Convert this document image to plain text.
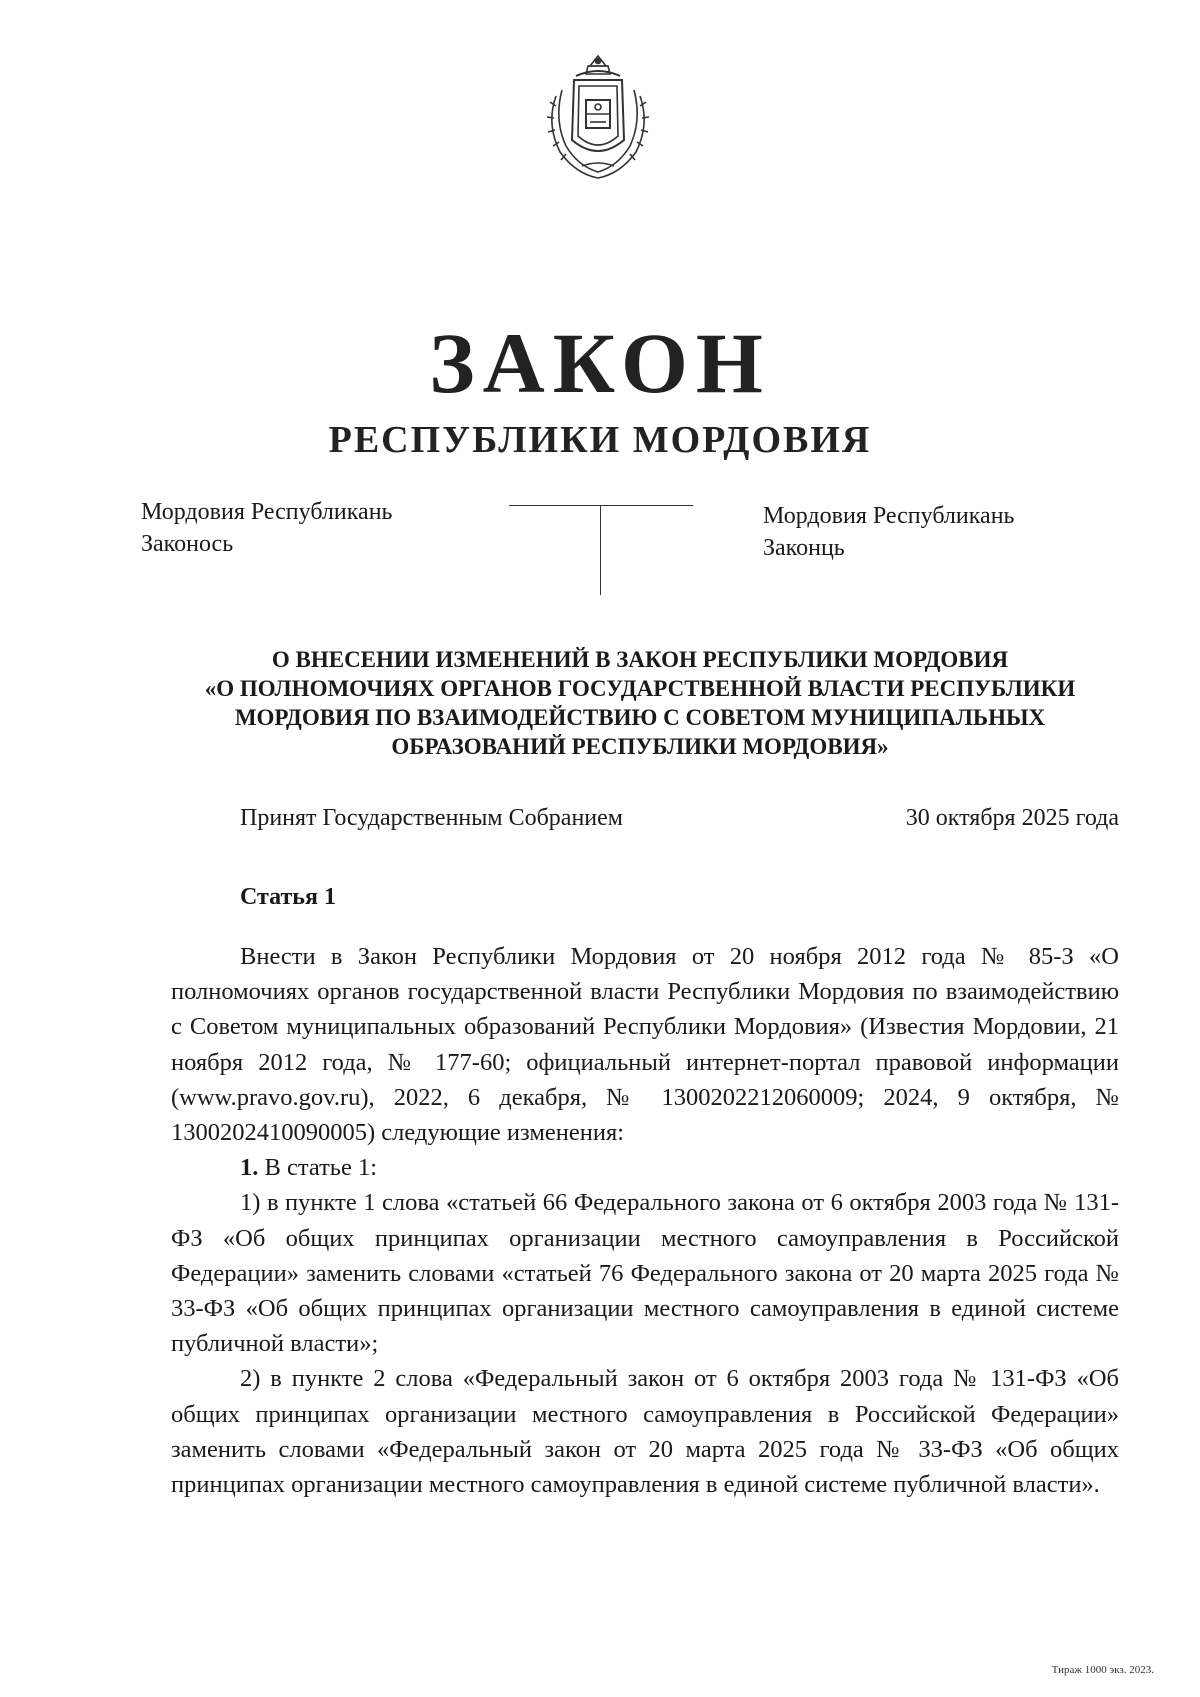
ЗАКОН
РЕСПУБЛИКИ МОРДОВИЯ
Мордовия Республикань
Законось
Мордовия Республикань
Законць
О ВНЕСЕНИИ ИЗМЕНЕНИЙ В ЗАКОН РЕСПУБЛИКИ МОРДОВИЯ
«О ПОЛНОМОЧИЯХ ОРГАНОВ ГОСУДАРСТВЕННОЙ ВЛАСТИ РЕСПУБЛИКИ
МОРДОВИЯ ПО ВЗАИМОДЕЙСТВИЮ С СОВЕТОМ МУНИЦИПАЛЬНЫХ
ОБРАЗОВАНИЙ РЕСПУБЛИКИ МОРДОВИЯ»
Принят Государственным Собранием	30 октября 2025 года
Статья 1

Внести в Закон Республики Мордовия от 20 ноября 2012 года № 85-З «О полномочиях органов государственной власти Республики Мордовия по взаимодействию с Советом муниципальных образований Республики Мордовия» (Известия Мордовии, 21 ноября 2012 года, № 177-60; официальный интернет-портал правовой информации (www.pravo.gov.ru), 2022, 6 декабря, № 1300202212060009; 2024, 9 октября, № 1300202410090005) следующие изменения:

1. В статье 1:

1) в пункте 1 слова «статьей 66 Федерального закона от 6 октября 2003 года № 131-ФЗ «Об общих принципах организации местного самоуправления в Российской Федерации» заменить словами «статьей 76 Федерального закона от 20 марта 2025 года № 33-ФЗ «Об общих принципах организации местного самоуправления в единой системе публичной власти»;

2) в пункте 2 слова «Федеральный закон от 6 октября 2003 года № 131-ФЗ «Об общих принципах организации местного самоуправления в Российской Федерации» заменить словами «Федеральный закон от 20 марта 2025 года № 33-ФЗ «Об общих принципах организации местного самоуправления в единой системе публичной власти».

Тираж 1000 экз. 2023.
